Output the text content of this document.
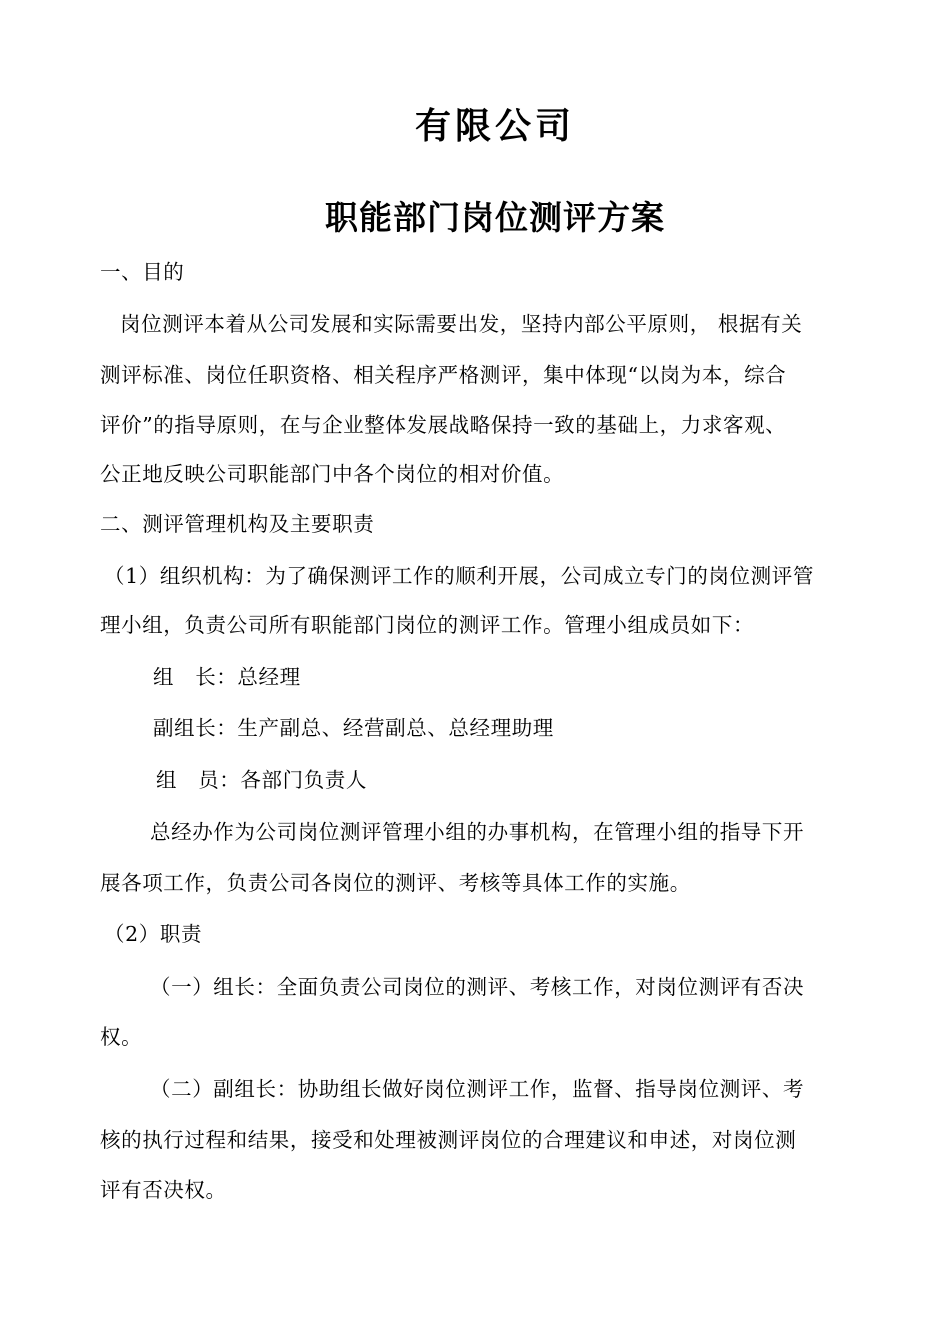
有限公司
职能部门岗位测评方案
一、目的
岗位测评本着从公司发展和实际需要出发，坚持内部公平原则， 根据有关
测评标准、岗位任职资格、相关程序严格测评，集中体现“以岗为本，综合
评价”的指导原则，在与企业整体发展战略保持一致的基础上，力求客观、
公正地反映公司职能部门中各个岗位的相对价值。
二、测评管理机构及主要职责
（1）组织机构：为了确保测评工作的顺利开展，公司成立专门的岗位测评管
理小组，负责公司所有职能部门岗位的测评工作。管理小组成员如下：
组　长：总经理
副组长：生产副总、经营副总、总经理助理
组　员：各部门负责人
总经办作为公司岗位测评管理小组的办事机构，在管理小组的指导下开
展各项工作，负责公司各岗位的测评、考核等具体工作的实施。
（2）职责
（一）组长：全面负责公司岗位的测评、考核工作，对岗位测评有否决
权。
（二）副组长：协助组长做好岗位测评工作，监督、指导岗位测评、考
核的执行过程和结果，接受和处理被测评岗位的合理建议和申述，对岗位测
评有否决权。
